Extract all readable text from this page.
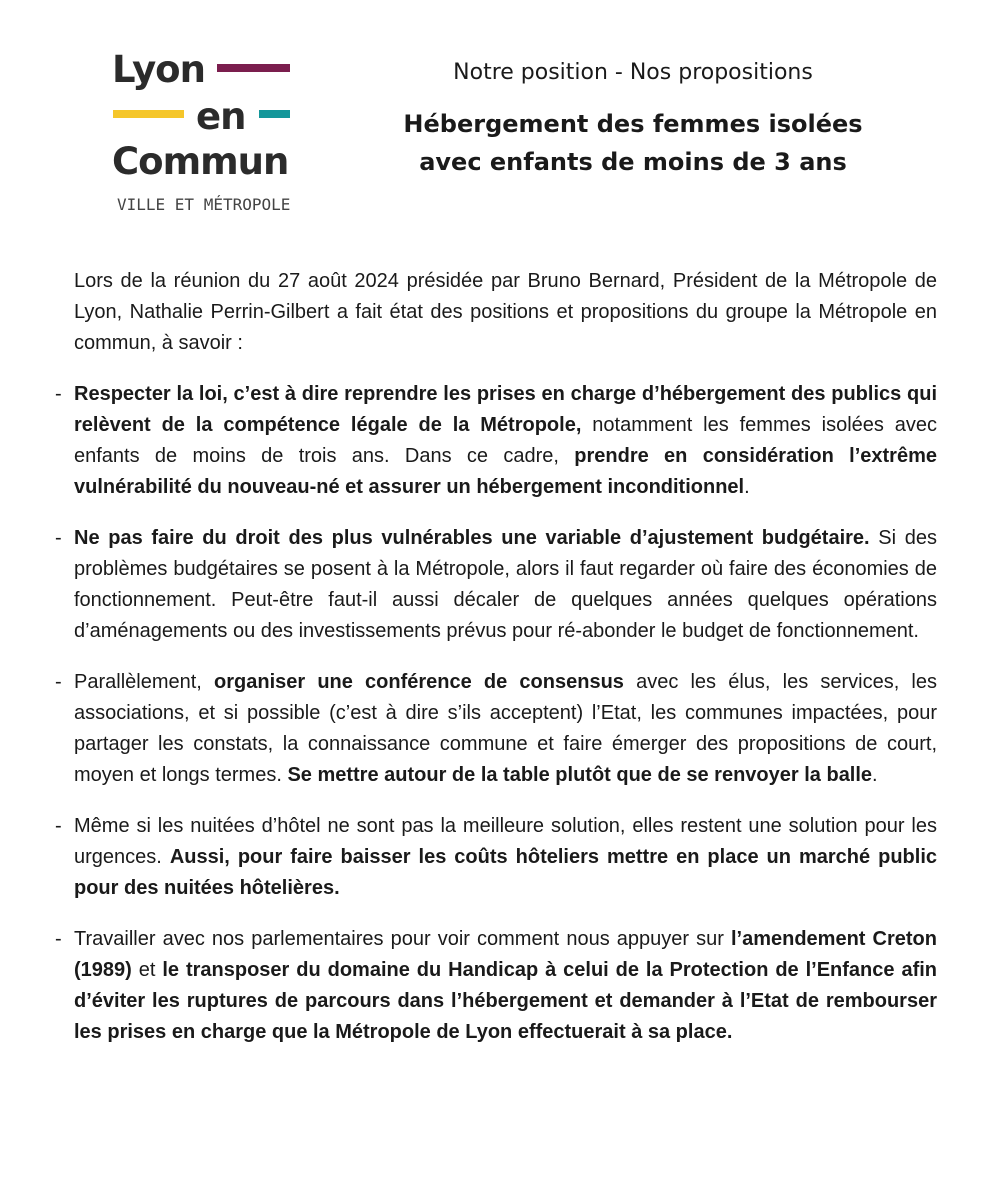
Lyon
en
Commun
VILLE ET MÉTROPOLE

Notre position - Nos propositions

Hébergement des femmes isolées
avec enfants de moins de 3 ans

Lors de la réunion du 27 août 2024 présidée par Bruno Bernard, Président de la Métropole de Lyon, Nathalie Perrin-Gilbert a fait état des positions et propositions du groupe la Métropole en commun, à savoir :

- Respecter la loi, c’est à dire reprendre les prises en charge d’hébergement des publics qui relèvent de la compétence légale de la Métropole, notamment les femmes isolées avec enfants de moins de trois ans. Dans ce cadre, prendre en considération l’extrême vulnérabilité du nouveau-né et assurer un hébergement inconditionnel.

- Ne pas faire du droit des plus vulnérables une variable d’ajustement budgétaire. Si des problèmes budgétaires se posent à la Métropole, alors il faut regarder où faire des économies de fonctionnement. Peut-être faut-il aussi décaler de quelques années quelques opérations d’aménagements ou des investissements prévus pour ré-abonder le budget de fonctionnement.

- Parallèlement, organiser une conférence de consensus avec les élus, les services, les associations, et si possible (c’est à dire s’ils acceptent) l’Etat, les communes impactées, pour partager les constats, la connaissance commune et faire émerger des propositions de court, moyen et longs termes. Se mettre autour de la table plutôt que de se renvoyer la balle.

- Même si les nuitées d’hôtel ne sont pas la meilleure solution, elles restent une solution pour les urgences. Aussi, pour faire baisser les coûts hôteliers mettre en place un marché public pour des nuitées hôtelières.

- Travailler avec nos parlementaires pour voir comment nous appuyer sur l’amendement Creton (1989) et le transposer du domaine du Handicap à celui de la Protection de l’Enfance afin d’éviter les ruptures de parcours dans l’hébergement et demander à l’Etat de rembourser les prises en charge que la Métropole de Lyon effectuerait à sa place.
